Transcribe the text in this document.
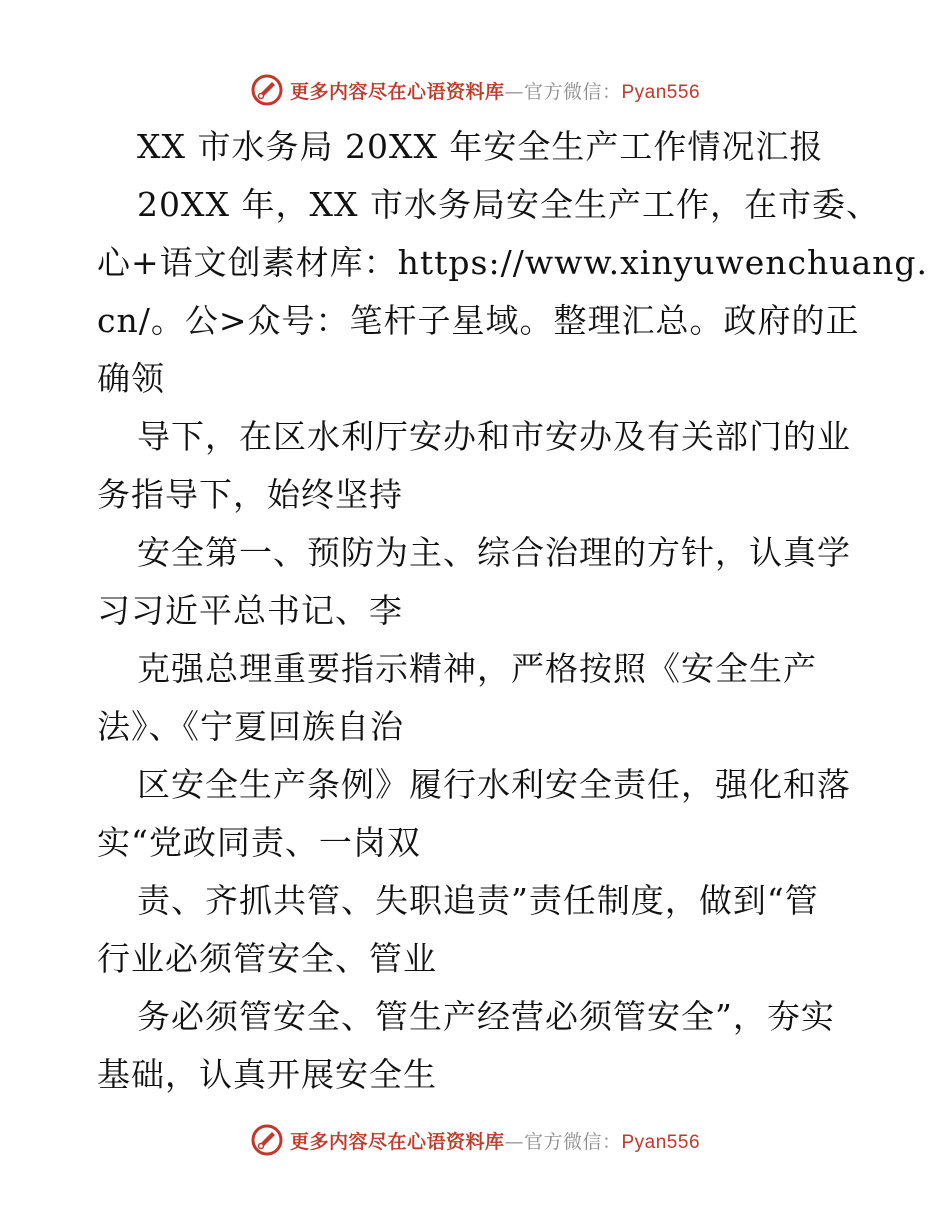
更多内容尽在心语资料库—官方微信：Pyan556
XX 市水务局 20XX 年安全生产工作情况汇报
20XX 年，XX 市水务局安全生产工作，在市委、
心+语文创素材库：https://www.xinyuwenchuang.
cn/。公>众号：笔杆子星域。整理汇总。政府的正
确领
导下，在区水利厅安办和市安办及有关部门的业
务指导下，始终坚持
安全第一、预防为主、综合治理的方针，认真学
习习近平总书记、李
克强总理重要指示精神，严格按照《安全生产
法》、《宁夏回族自治
区安全生产条例》履行水利安全责任，强化和落
实“党政同责、一岗双
责、齐抓共管、失职追责”责任制度，做到“管
行业必须管安全、管业
务必须管安全、管生产经营必须管安全”，夯实
基础，认真开展安全生
更多内容尽在心语资料库—官方微信：Pyan556
